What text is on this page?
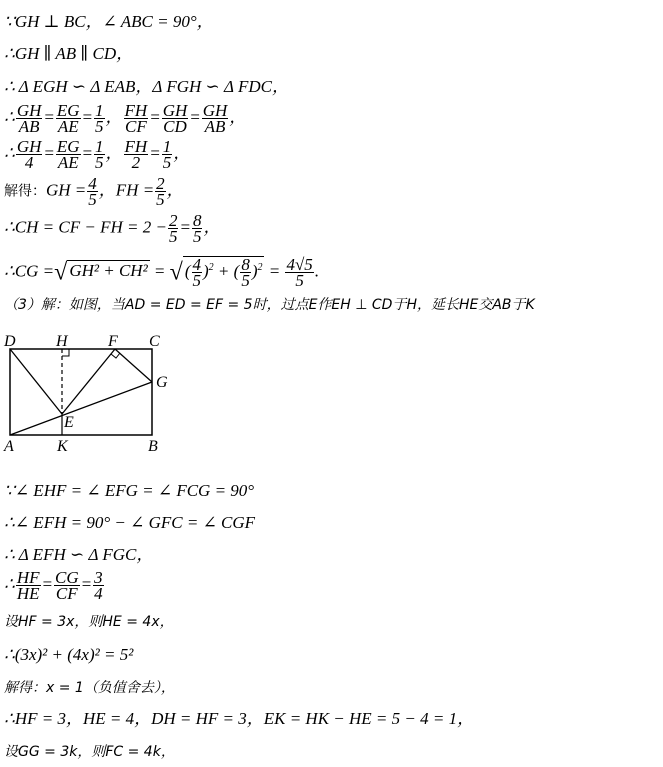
∵GH ⊥ BC，∠ ABC = 90°，
∴GH ∥ AB ∥ CD，
∴ Δ EGH ∽ Δ EAB，Δ FGH ∽ Δ FDC，
∴ $\frac{GH}{AB} = \frac{EG}{AE} = \frac{1}{5}$ ， $\frac{FH}{CF} = \frac{GH}{CD} = \frac{GH}{AB}$ ，
∴ $\frac{GH}{4} = \frac{EG}{AE} = \frac{1}{5}$ ， $\frac{FH}{2} = \frac{1}{5}$ ，
解得：GH = $\frac{4}{5}$ ，FH = $\frac{2}{5}$ ，
∴CH = CF − FH = $2 - \frac{2}{5} = \frac{8}{5}$ ，
∴CG =√ GH² + CH² = √ ( $\frac{4}{5} )^2$ + ( $\frac{8}{5} )^2 = \frac{4√5}{5}$ .
（3）解：如图，当AD = ED = EF = 5时，过点E作EH ⊥ CD于H，延长HE交AB于K
D	H	F C
G
E
A	K	B
∵∠ EHF = ∠ EFG = ∠ FCG = 90°
∴∠ EFH = 90° − ∠ GFC = ∠ CGF
∴ Δ EFH ∽ Δ FGC，
∴ $\frac{HF}{HE} = \frac{CG}{CF} = \frac{3}{4}$
设HF = 3x，则HE = 4x，
∴(3x)² + (4x)² = 5²
解得：x = 1（负值舍去），
∴HF = 3，HE = 4，DH = HF = 3，EK = HK − HE = 5 − 4 = 1，
设GG = 3k，则FC = 4k，
